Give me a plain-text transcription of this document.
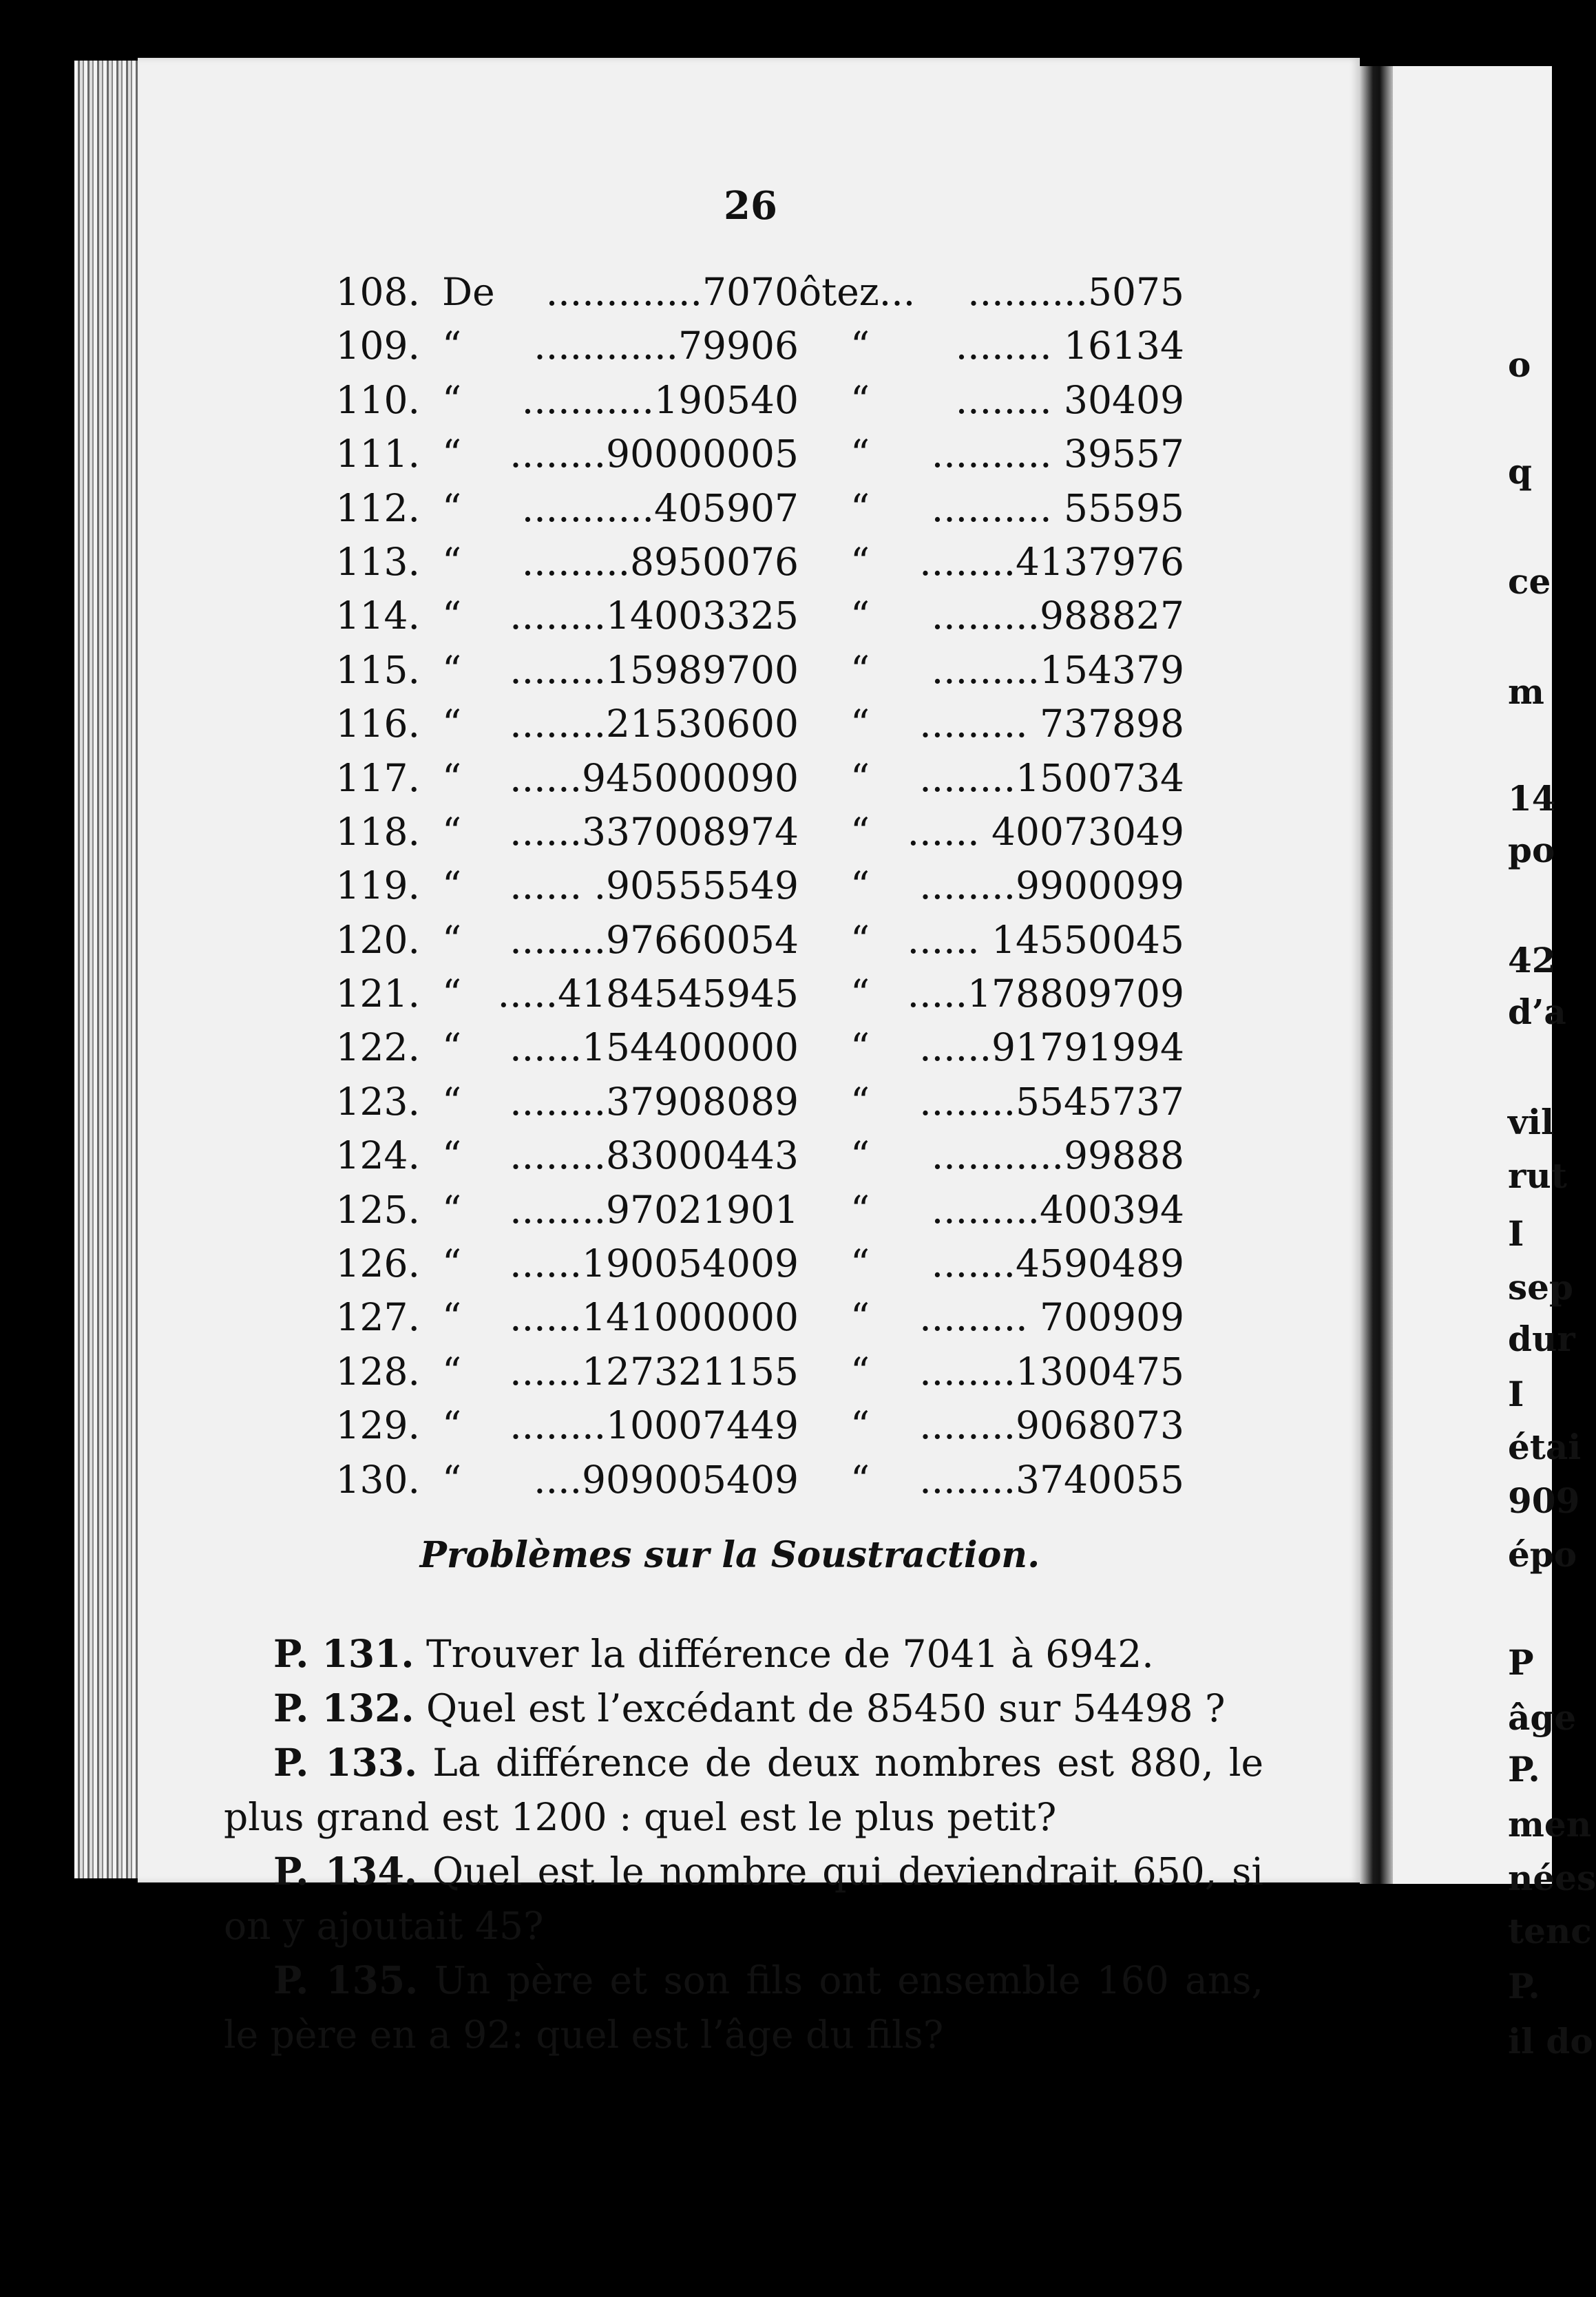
26
108. De .............7070 ôtez...	..........5075
109. “	............79906 “	........ 16134
110. “	...........190540 “	........ 30409
111. “	........90000005 “	.......... 39557
112. “	...........405907 “	.......... 55595
113. “	.........8950076 “	........4137976
114. “	........14003325 “	.........988827
115. “	........15989700 “	.........154379
116. “	........21530600 “	......... 737898
117. “	......945000090 “	........1500734
118. “	......337008974 “ ...... 40073049
119. “	...... .90555549 “	........9900099
120. “	........97660054 “ ...... 14550045
121. “ .....4184545945 “ .....178809709
122. “	......154400000 “	......91791994
123. “	........37908089 “	........5545737
124. “	........83000443 “	...........99888
125. “	........97021901 “	.........400394
126. “	......190054009 “	.......4590489
127. “	......141000000 “	......... 700909
128. “	......127321155 “	........1300475
129. “	........10007449 “	........9068073
130. “	....909005409 “	........3740055
Problèmes sur la Soustraction.
P. 131. Trouver la différence de 7041 à 6942.
P. 132. Quel est l’excédant de 85450 sur 54498 ?
P. 133. La différence de deux nombres est 880, le plus grand est 1200 : quel est le plus petit?
P. 134. Quel est le nombre qui deviendrait 650, si on y ajoutait 45?
P. 135. Un père et son fils ont ensemble 160 ans, le père en a 92: quel est l’âge du fils?
o
q
ce
m
14
po
42
d’a
vil
rut
I
sep
dur
I
étai
909
épo
P
âge
P.
men
nées
tenc
P.
il do
